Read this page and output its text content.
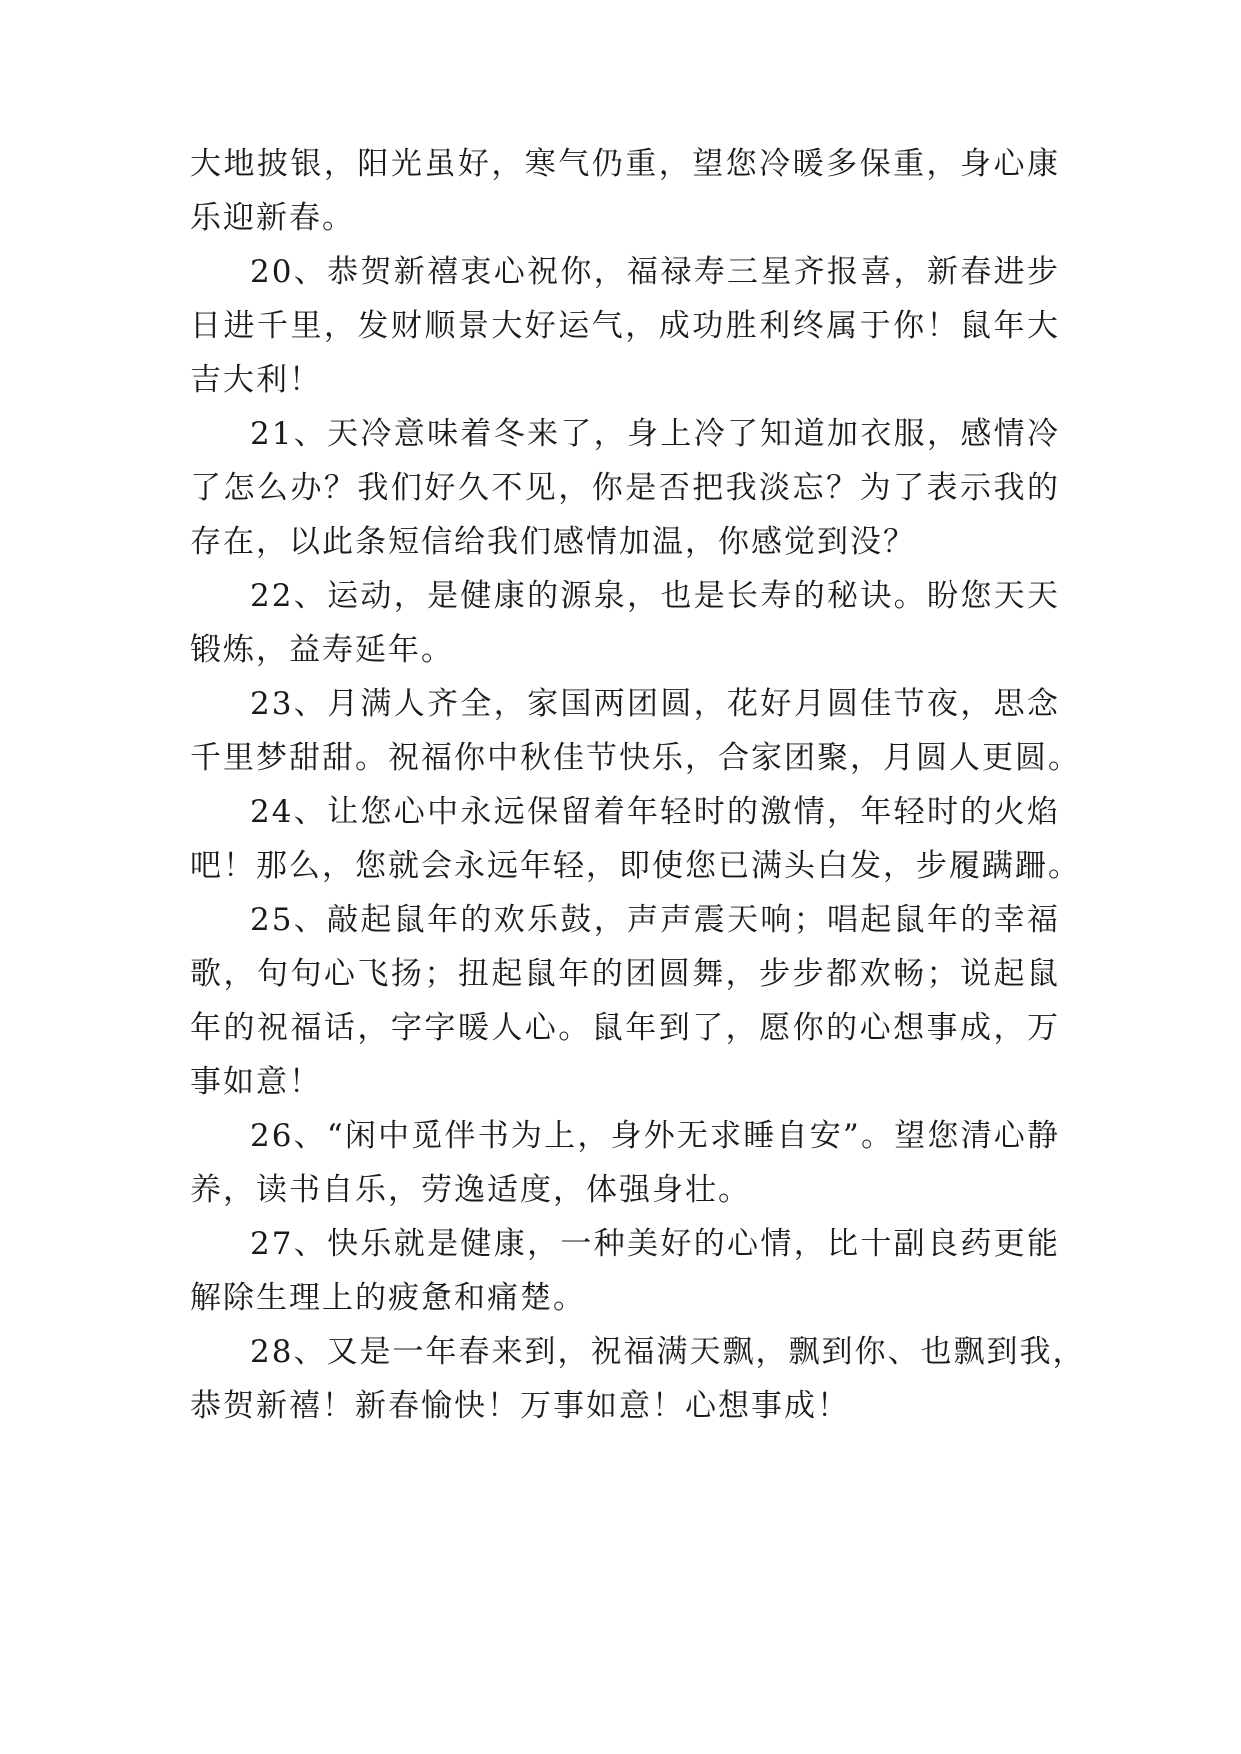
大地披银，阳光虽好，寒气仍重，望您冷暖多保重，身心康
乐迎新春。
20、恭贺新禧衷心祝你，福禄寿三星齐报喜，新春进步
日进千里，发财顺景大好运气，成功胜利终属于你！鼠年大
吉大利！
21、天冷意味着冬来了，身上冷了知道加衣服，感情冷
了怎么办？我们好久不见，你是否把我淡忘？为了表示我的
存在，以此条短信给我们感情加温，你感觉到没？
22、运动，是健康的源泉，也是长寿的秘诀。盼您天天
锻炼，益寿延年。
23、月满人齐全，家国两团圆，花好月圆佳节夜，思念
千里梦甜甜。祝福你中秋佳节快乐，合家团聚，月圆人更圆。
24、让您心中永远保留着年轻时的激情，年轻时的火焰
吧！那么，您就会永远年轻，即使您已满头白发，步履蹒跚。
25、敲起鼠年的欢乐鼓，声声震天响；唱起鼠年的幸福
歌，句句心飞扬；扭起鼠年的团圆舞，步步都欢畅；说起鼠
年的祝福话，字字暖人心。鼠年到了，愿你的心想事成，万
事如意！
26、“闲中觅伴书为上，身外无求睡自安”。望您清心静
养，读书自乐，劳逸适度，体强身壮。
27、快乐就是健康，一种美好的心情，比十副良药更能
解除生理上的疲惫和痛楚。
28、又是一年春来到，祝福满天飘，飘到你、也飘到我，
恭贺新禧！新春愉快！万事如意！心想事成！
